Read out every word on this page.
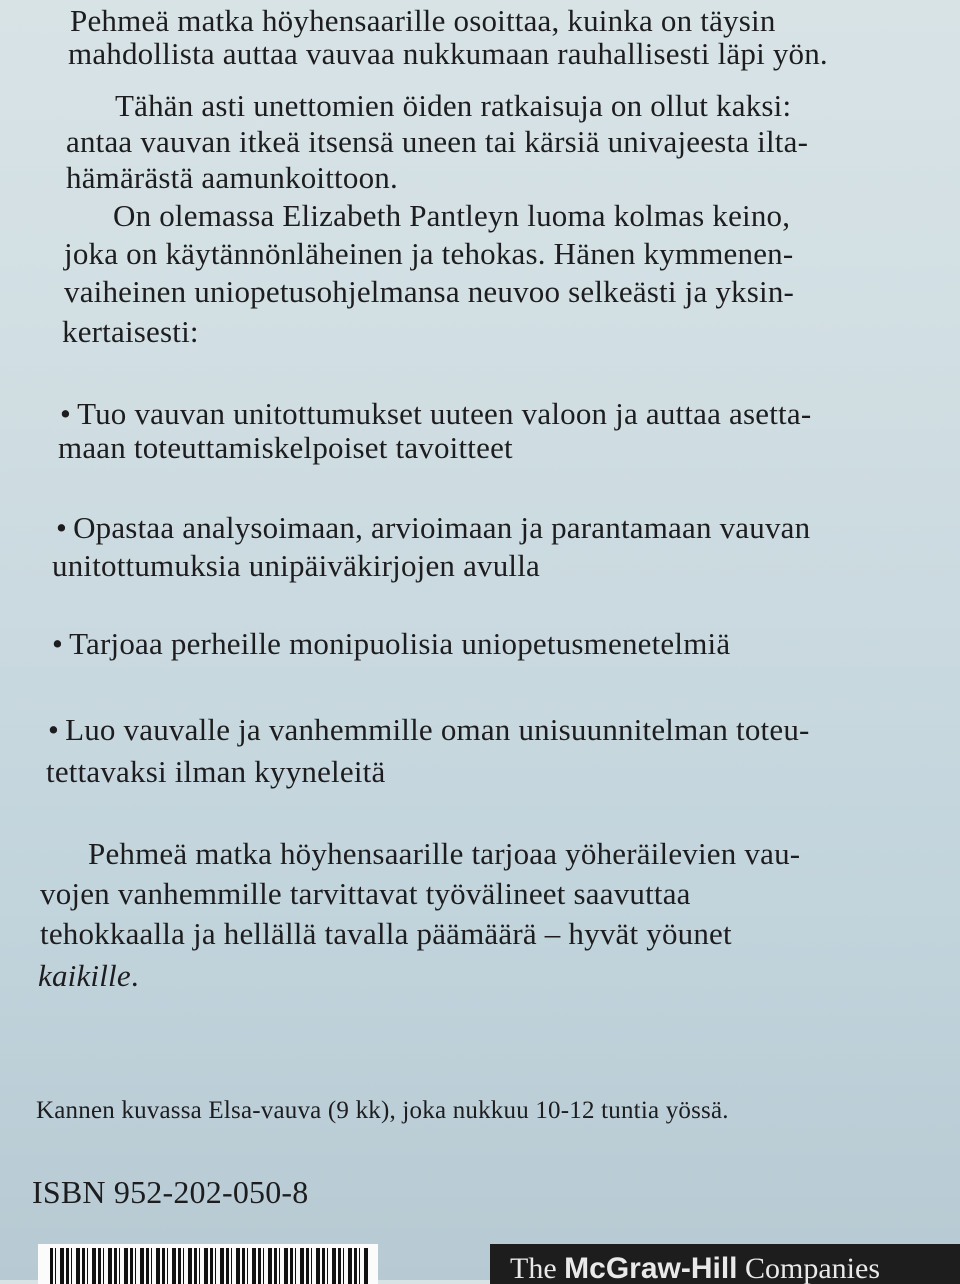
Pehmeä matka höyhensaarille osoittaa, kuinka on täysin
mahdollista auttaa vauvaa nukkumaan rauhallisesti läpi yön.
Tähän asti unettomien öiden ratkaisuja on ollut kaksi:
antaa vauvan itkeä itsensä uneen tai kärsiä univajeesta ilta-
hämärästä aamunkoittoon.
On olemassa Elizabeth Pantleyn luoma kolmas keino,
joka on käytännönläheinen ja tehokas. Hänen kymmenen-
vaiheinen uniopetusohjelmansa neuvoo selkeästi ja yksin-
kertaisesti:
• Tuo vauvan unitottumukset uuteen valoon ja auttaa asetta-
maan toteuttamiskelpoiset tavoitteet
• Opastaa analysoimaan, arvioimaan ja parantamaan vauvan
unitottumuksia unipäiväkirjojen avulla
• Tarjoaa perheille monipuolisia uniopetusmenetelmiä
• Luo vauvalle ja vanhemmille oman unisuunnitelman toteu-
tettavaksi ilman kyyneleitä
Pehmeä matka höyhensaarille tarjoaa yöheräilevien vau-
vojen vanhemmille tarvittavat työvälineet saavuttaa
tehokkaalla ja hellällä tavalla päämäärä – hyvät yöunet
kaikille.
Kannen kuvassa Elsa-vauva (9 kk), joka nukkuu 10-12 tuntia yössä.
ISBN 952-202-050-8
The McGraw-Hill Companies
